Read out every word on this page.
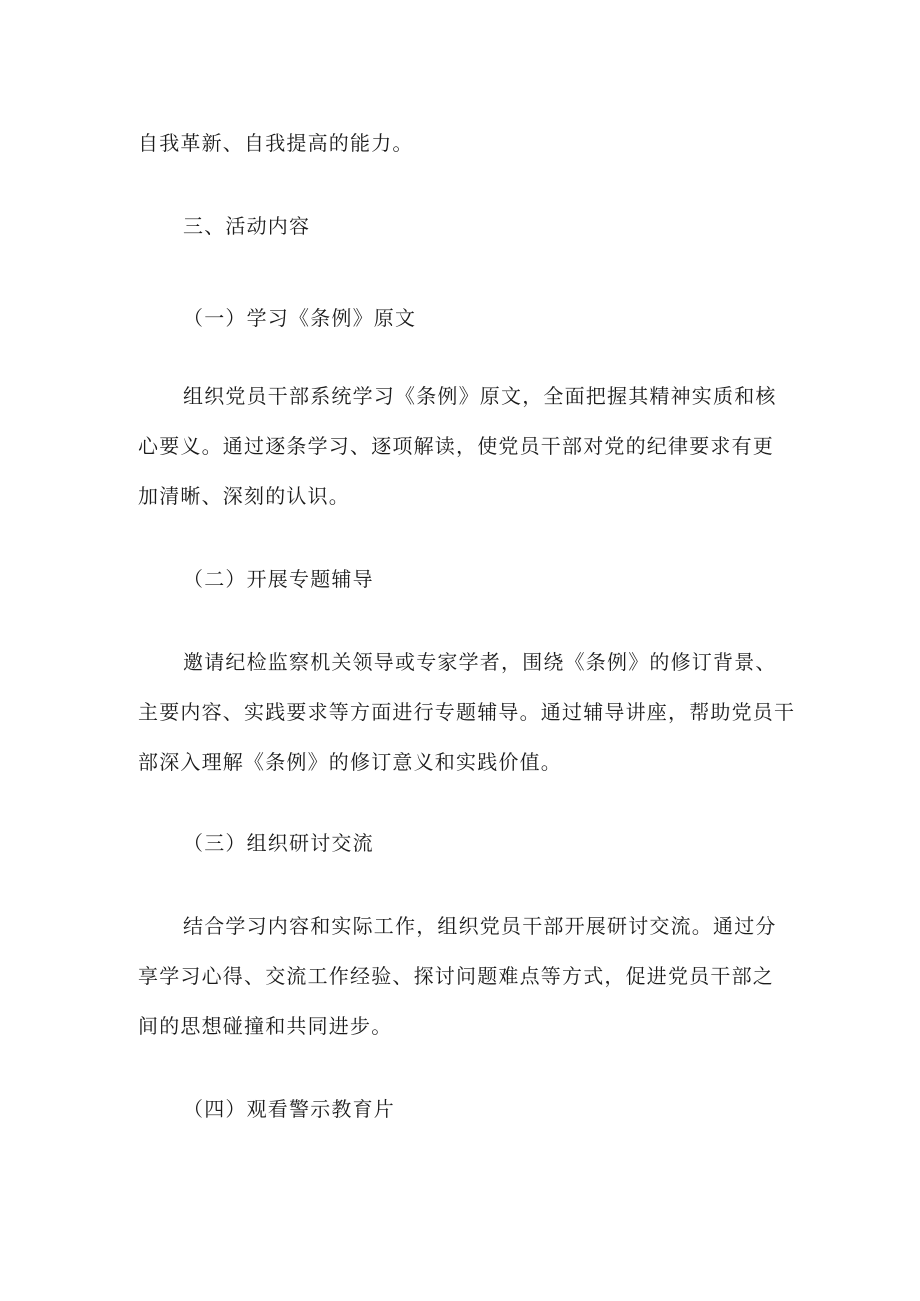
自我革新、自我提高的能力。
三、活动内容
（一）学习《条例》原文
组织党员干部系统学习《条例》原文，全面把握其精神实质和核
心要义。通过逐条学习、逐项解读，使党员干部对党的纪律要求有更
加清晰、深刻的认识。
（二）开展专题辅导
邀请纪检监察机关领导或专家学者，围绕《条例》的修订背景、
主要内容、实践要求等方面进行专题辅导。通过辅导讲座，帮助党员干
部深入理解《条例》的修订意义和实践价值。
（三）组织研讨交流
结合学习内容和实际工作，组织党员干部开展研讨交流。通过分
享学习心得、交流工作经验、探讨问题难点等方式，促进党员干部之
间的思想碰撞和共同进步。
（四）观看警示教育片
